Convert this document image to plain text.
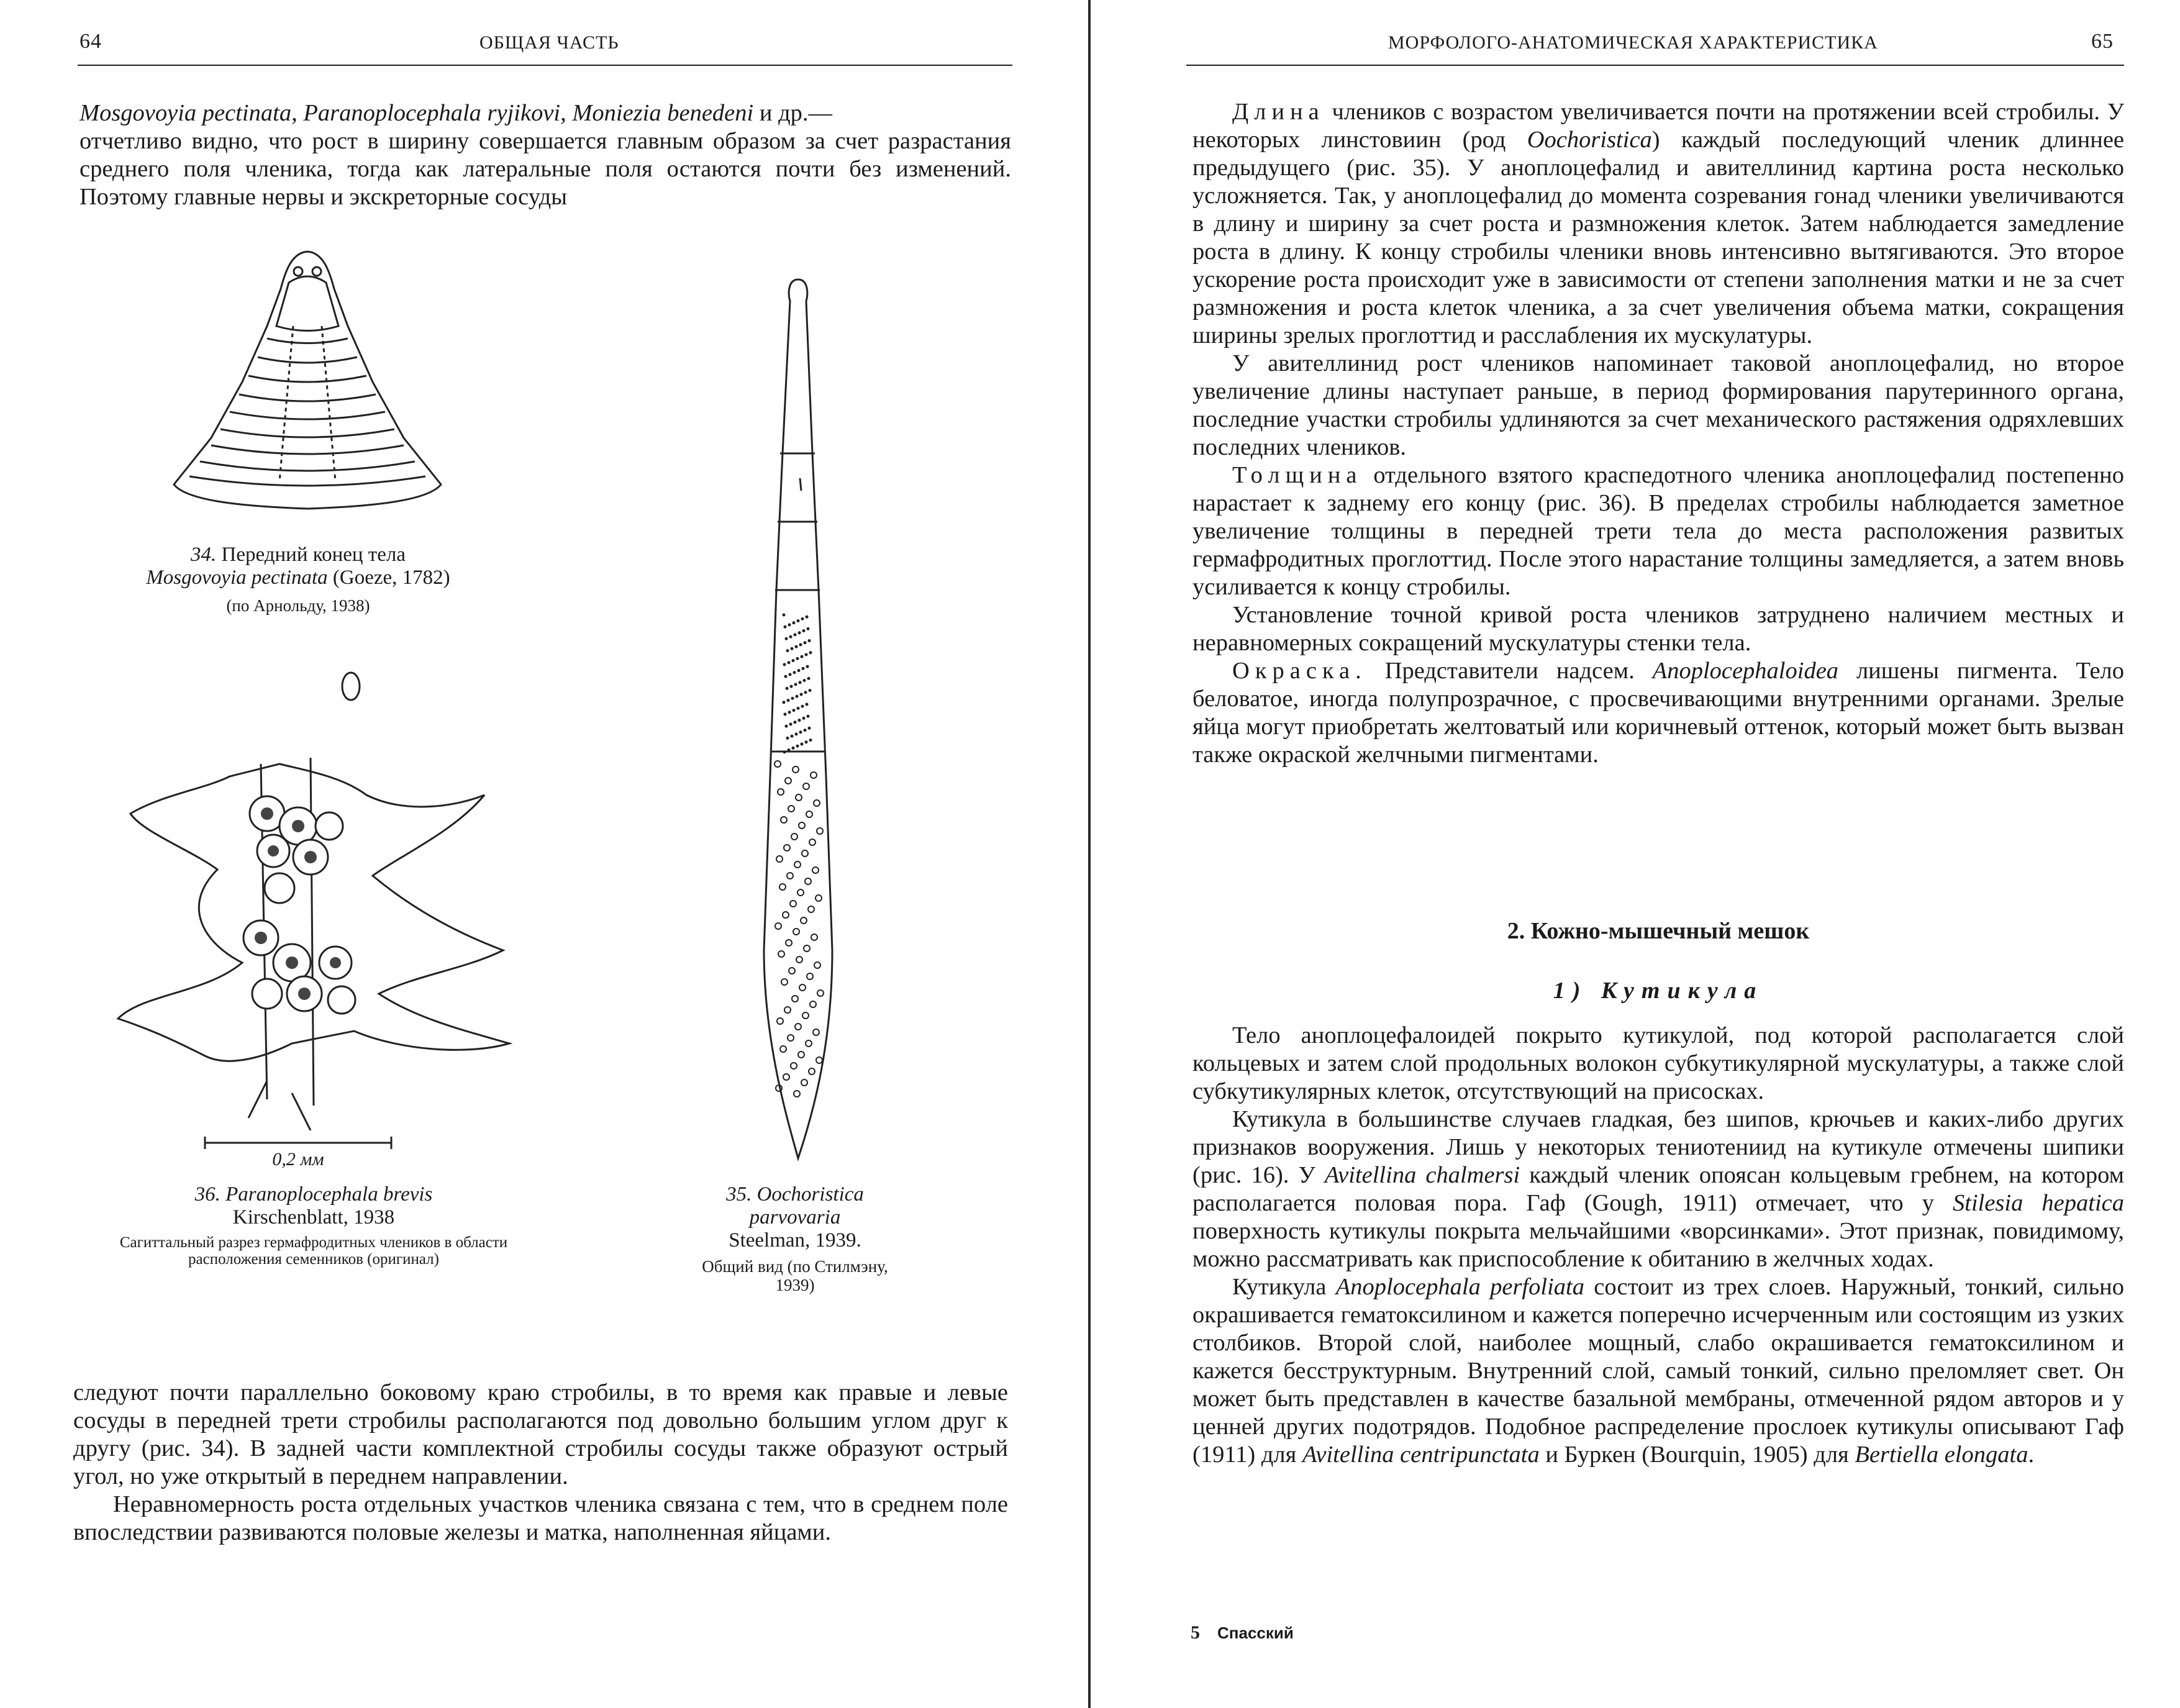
64	ОБЩАЯ ЧАСТЬ

Mosgovoyia pectinata, Paranoplocephala ryjikovi, Moniezia benedeni и др.—

отчетливо видно, что рост в ширину совершается главным образом за счет разрастания среднего поля членика, тогда как латеральные поля остаются почти без изменений. Поэтому главные нервы и экскреторные сосуды

34. Передний конец тела
Mosgovoyia pectinata (Goeze, 1782)
(по Арнольду, 1938)
0,2 мм
36. Paranoplocephala brevis
Kirschenblatt, 1938
Сагиттальный разрез гермафродитных члеников в области расположения семенников (оригинал)
35. Oochoristica parvovaria
Steelman, 1939.
Общий вид (по Стилмэну, 1939)

следуют почти параллельно боковому краю стробилы, в то время как правые и левые сосуды в передней трети стробилы располагаются под довольно большим углом друг к другу (рис. 34). В задней части комплектной стробилы сосуды также образуют острый угол, но уже открытый в переднем направлении.

Неравномерность роста отдельных участков членика связана с тем, что в среднем поле впоследствии развиваются половые железы и матка, наполненная яйцами.

МОРФОЛОГО-АНАТОМИЧЕСКАЯ ХАРАКТЕРИСТИКА	65

Длина члеников с возрастом увеличивается почти на протяжении всей стробилы. У некоторых линстовиин (род Oochoristica) каждый последующий членик длиннее предыдущего (рис. 35). У аноплоцефалид и авителлинид картина роста несколько усложняется. Так, у аноплоцефалид до момента созревания гонад членики увеличиваются в длину и ширину за счет роста и размножения клеток. Затем наблюдается замедление роста в длину. К концу стробилы членики вновь интенсивно вытягиваются. Это второе ускорение роста происходит уже в зависимости от степени заполнения матки и не за счет размножения и роста клеток членика, а за счет увеличения объема матки, сокращения ширины зрелых проглоттид и расслабления их мускулатуры.

У авителлинид рост члеников напоминает таковой аноплоцефалид, но второе увеличение длины наступает раньше, в период формирования парутеринного органа, последние участки стробилы удлиняются за счет механического растяжения одряхлевших последних члеников.

Толщина отдельного взятого краспедотного членика аноплоцефалид постепенно нарастает к заднему его концу (рис. 36). В пределах стробилы наблюдается заметное увеличение толщины в передней трети тела до места расположения развитых гермафродитных проглоттид. После этого нарастание толщины замедляется, а затем вновь усиливается к концу стробилы.

Установление точной кривой роста члеников затруднено наличием местных и неравномерных сокращений мускулатуры стенки тела.

Окраска. Представители надсем. Anoplocephaloidea лишены пигмента. Тело беловатое, иногда полупрозрачное, с просвечивающими внутренними органами. Зрелые яйца могут приобретать желтоватый или коричневый оттенок, который может быть вызван также окраской желчными пигментами.

2. Кожно-мышечный мешок
1) Кутикула

Тело аноплоцефалоидей покрыто кутикулой, под которой располагается слой кольцевых и затем слой продольных волокон субкутикулярной мускулатуры, а также слой субкутикулярных клеток, отсутствующий на присосках.

Кутикула в большинстве случаев гладкая, без шипов, крючьев и каких-либо других признаков вооружения. Лишь у некоторых тениотениид на кутикуле отмечены шипики (рис. 16). У Avitellina chalmersi каждый членик опоясан кольцевым гребнем, на котором располагается половая пора. Гаф (Gough, 1911) отмечает, что у Stilesia hepatica поверхность кутикулы покрыта мельчайшими «ворсинками». Этот признак, повидимому, можно рассматривать как приспособление к обитанию в желчных ходах.

Кутикула Anoplocephala perfoliata состоит из трех слоев. Наружный, тонкий, сильно окрашивается гематоксилином и кажется поперечно исчерченным или состоящим из узких столбиков. Второй слой, наиболее мощный, слабо окрашивается гематоксилином и кажется бесструктурным. Внутренний слой, самый тонкий, сильно преломляет свет. Он может быть представлен в качестве базальной мембраны, отмеченной рядом авторов и у ценней других подотрядов. Подобное распределение прослоек кутикулы описывают Гаф (1911) для Avitellina centripunctata и Буркен (Bourquin, 1905) для Bertiella elongata.

5 Спасский
